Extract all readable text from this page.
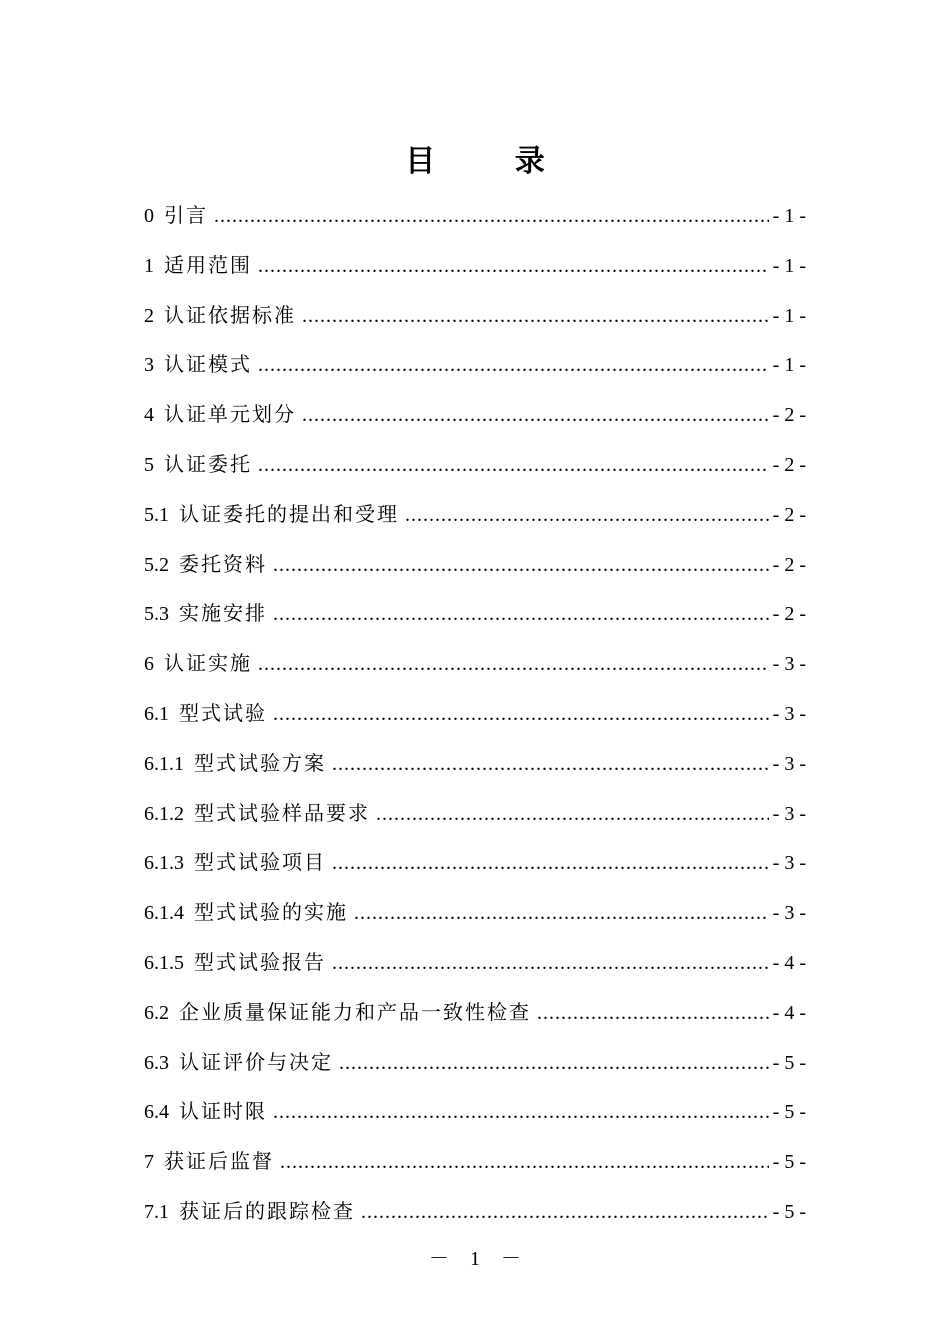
目 录
0 引言 .....	- 1 -
1 适用范围 .....	- 1 -
2 认证依据标准 .....	- 1 -
3 认证模式 .....	- 1 -
4 认证单元划分 .....	- 2 -
5 认证委托 .....	- 2 -
5.1 认证委托的提出和受理 .....	- 2 -
5.2 委托资料 .....	- 2 -
5.3 实施安排 .....	- 2 -
6 认证实施 .....	- 3 -
6.1 型式试验 .....	- 3 -
6.1.1 型式试验方案 .....	- 3 -
6.1.2 型式试验样品要求 .....	- 3 -
6.1.3 型式试验项目 .....	- 3 -
6.1.4 型式试验的实施 .....	- 3 -
6.1.5 型式试验报告 .....	- 4 -
6.2 企业质量保证能力和产品一致性检查 .....	- 4 -
6.3 认证评价与决定 .....	- 5 -
6.4 认证时限 .....	- 5 -
7 获证后监督 .....	- 5 -
7.1 获证后的跟踪检查 .....	- 5 -
－ 1 －
